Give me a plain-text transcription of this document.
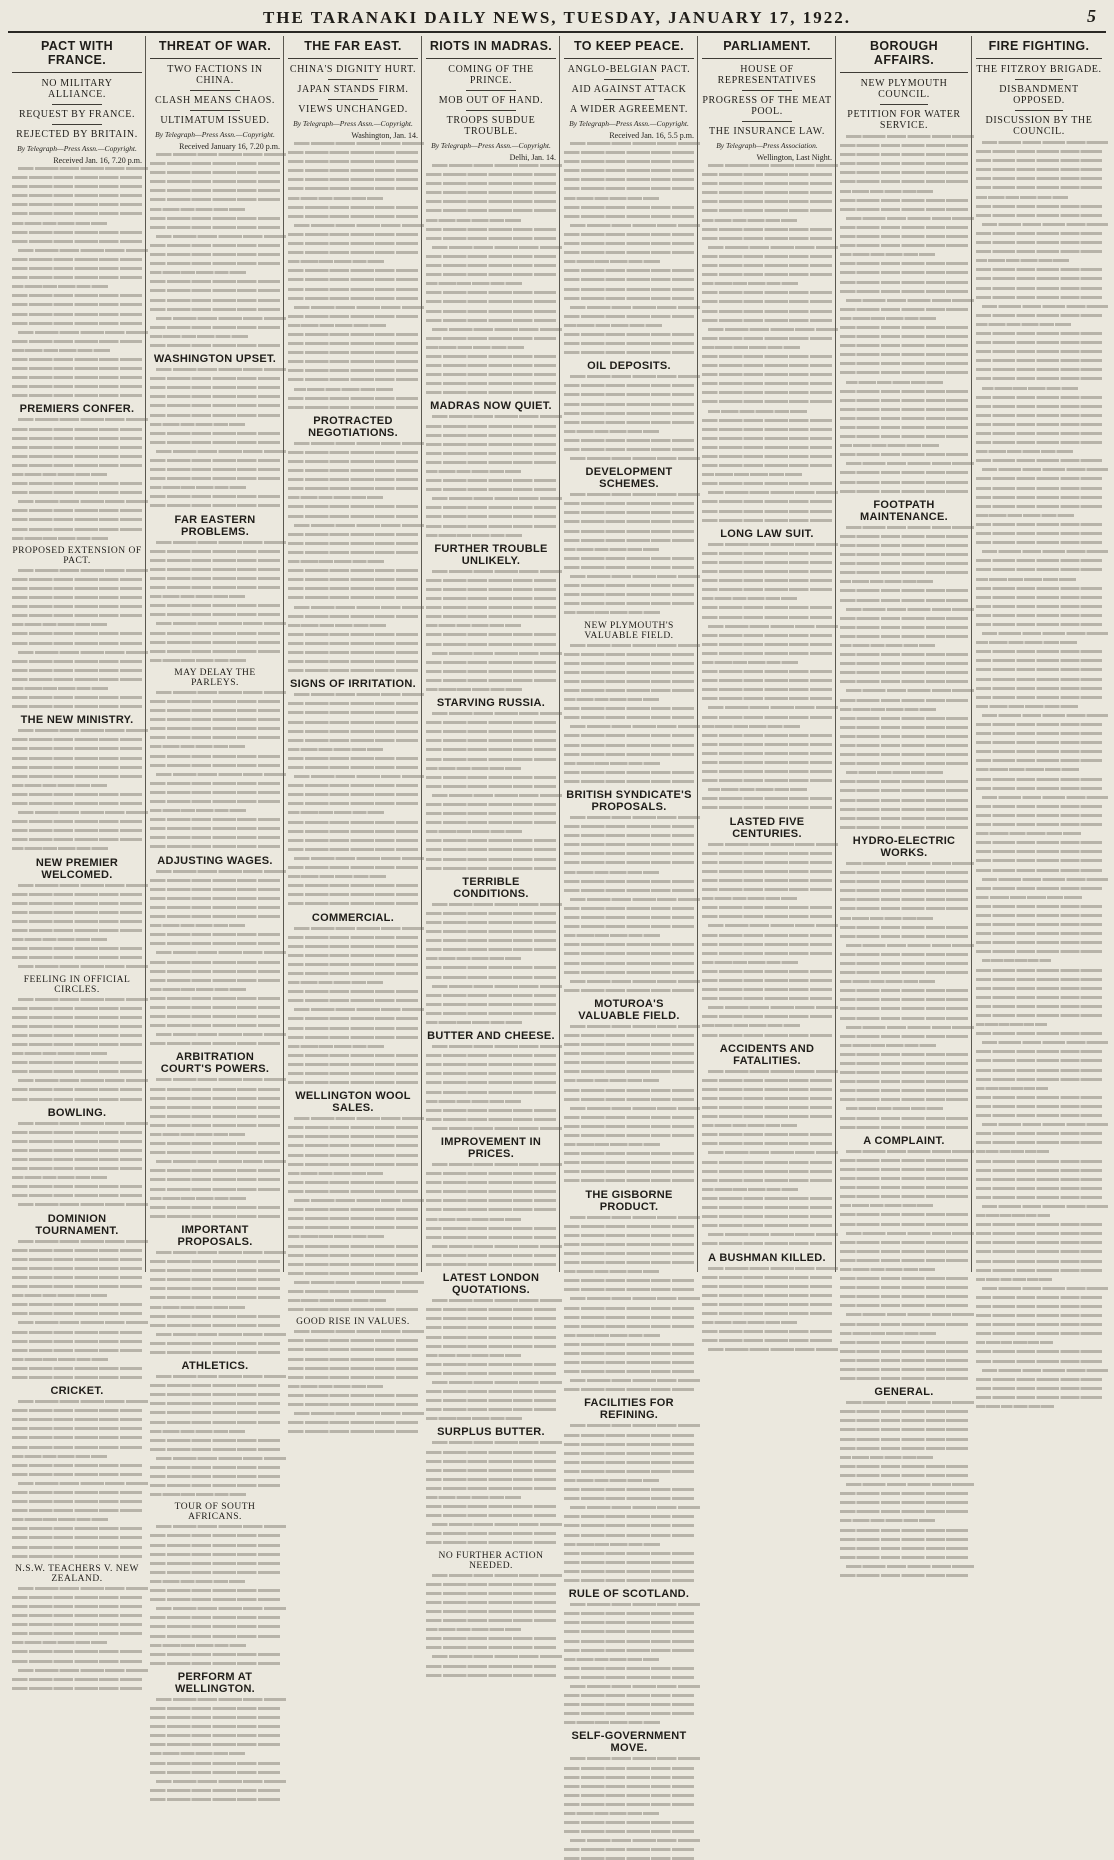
THE TARANAKI DAILY NEWS, TUESDAY, JANUARY 17, 1922.	5
PACT WITH FRANCE.
NO MILITARY ALLIANCE.
REQUEST BY FRANCE.
REJECTED BY BRITAIN.
By Telegraph—Press Assn.—Copyright.
Received Jan. 16, 7.20 p.m.
PREMIERS CONFER.
PROPOSED EXTENSION OF PACT.
THE NEW MINISTRY.
NEW PREMIER WELCOMED.
FEELING IN OFFICIAL CIRCLES.
BOWLING.
DOMINION TOURNAMENT.
CRICKET.
N.S.W. TEACHERS V. NEW ZEALAND.
THREAT OF WAR.
TWO FACTIONS IN CHINA.
CLASH MEANS CHAOS.
ULTIMATUM ISSUED.
By Telegraph—Press Assn.—Copyright.
Received January 16, 7.20 p.m.
WASHINGTON UPSET.
FAR EASTERN PROBLEMS.
MAY DELAY THE PARLEYS.
ADJUSTING WAGES.
ARBITRATION COURT'S POWERS.
IMPORTANT PROPOSALS.
ATHLETICS.
TOUR OF SOUTH AFRICANS.
PERFORM AT WELLINGTON.
THE FAR EAST.
CHINA'S DIGNITY HURT.
JAPAN STANDS FIRM.
VIEWS UNCHANGED.
By Telegraph—Press Assn.—Copyright.
Washington, Jan. 14.
PROTRACTED NEGOTIATIONS.
SIGNS OF IRRITATION.
COMMERCIAL.
WELLINGTON WOOL SALES.
GOOD RISE IN VALUES.
RIOTS IN MADRAS.
COMING OF THE PRINCE.
MOB OUT OF HAND.
TROOPS SUBDUE TROUBLE.
By Telegraph—Press Assn.—Copyright.
Delhi, Jan. 14.
MADRAS NOW QUIET.
FURTHER TROUBLE UNLIKELY.
STARVING RUSSIA.
TERRIBLE CONDITIONS.
BUTTER AND CHEESE.
IMPROVEMENT IN PRICES.
LATEST LONDON QUOTATIONS.
SURPLUS BUTTER.
NO FURTHER ACTION NEEDED.
TO KEEP PEACE.
ANGLO-BELGIAN PACT.
AID AGAINST ATTACK
A WIDER AGREEMENT.
By Telegraph—Press Assn.—Copyright.
Received Jan. 16, 5.5 p.m.
OIL DEPOSITS.
DEVELOPMENT SCHEMES.
NEW PLYMOUTH'S VALUABLE FIELD.
BRITISH SYNDICATE'S PROPOSALS.
MOTUROA'S VALUABLE FIELD.
THE GISBORNE PRODUCT.
FACILITIES FOR REFINING.
RULE OF SCOTLAND.
SELF-GOVERNMENT MOVE.
PARLIAMENT.
HOUSE OF REPRESENTATIVES
PROGRESS OF THE MEAT POOL.
THE INSURANCE LAW.
By Telegraph—Press Association.
Wellington, Last Night.
LONG LAW SUIT.
LASTED FIVE CENTURIES.
ACCIDENTS AND FATALITIES.
A BUSHMAN KILLED.
BOROUGH AFFAIRS.
NEW PLYMOUTH COUNCIL.
PETITION FOR WATER SERVICE.
FOOTPATH MAINTENANCE.
HYDRO-ELECTRIC WORKS.
A COMPLAINT.
GENERAL.
FIRE FIGHTING.
THE FITZROY BRIGADE.
DISBANDMENT OPPOSED.
DISCUSSION BY THE COUNCIL.
